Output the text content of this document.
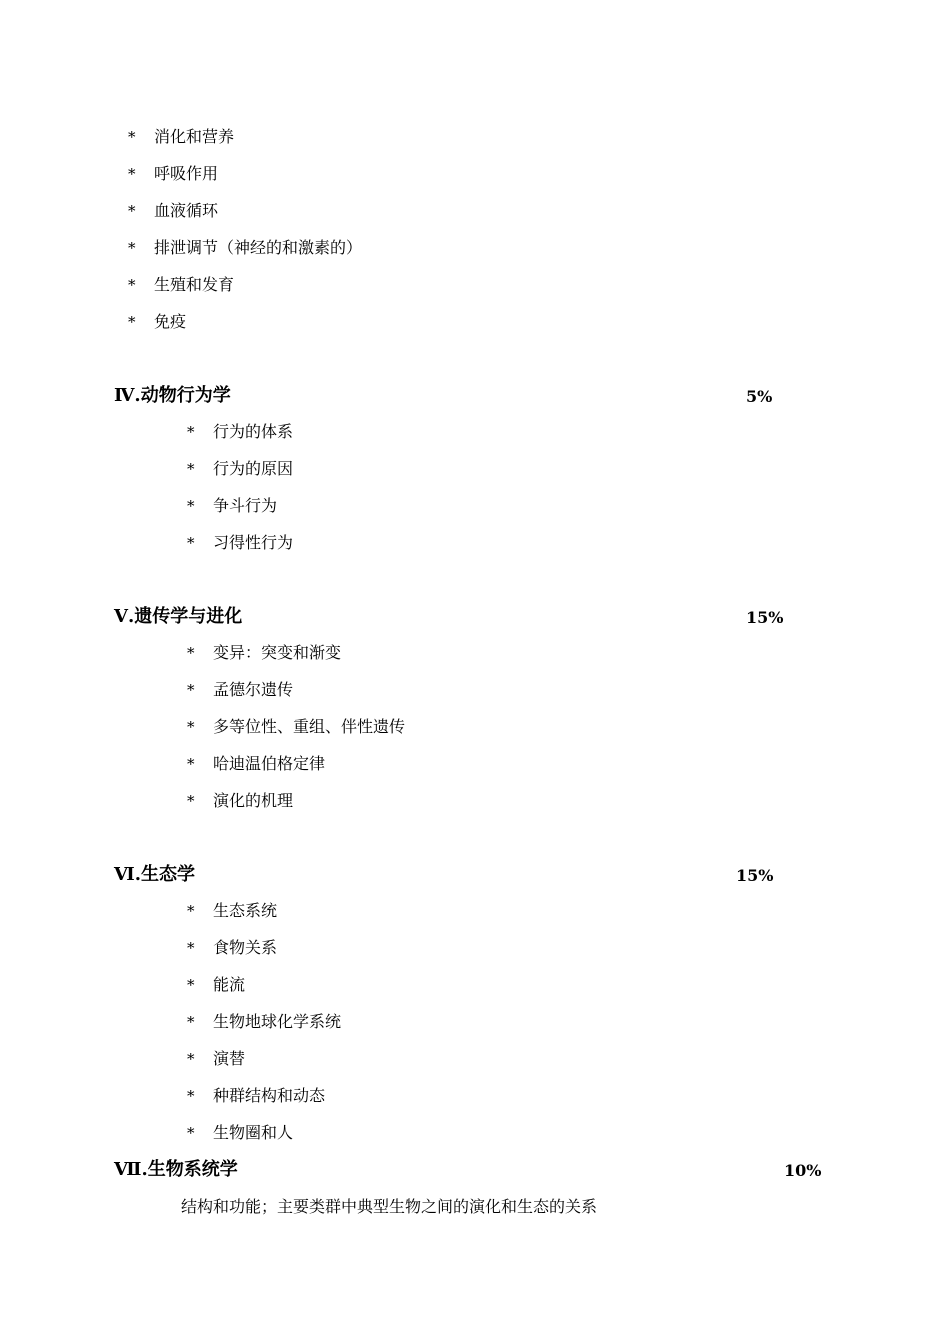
* 消化和营养
* 呼吸作用
* 血液循环
* 排泄调节（神经的和激素的）
* 生殖和发育
* 免疫
Ⅳ.动物行为学	5%
* 行为的体系
* 行为的原因
* 争斗行为
* 习得性行为
Ⅴ.遗传学与进化	15%
* 变异：突变和渐变
* 孟德尔遗传
* 多等位性、重组、伴性遗传
* 哈迪温伯格定律
* 演化的机理
Ⅵ.生态学	15%
* 生态系统
* 食物关系
* 能流
* 生物地球化学系统
* 演替
* 种群结构和动态
* 生物圈和人
Ⅶ.生物系统学	10%
结构和功能；主要类群中典型生物之间的演化和生态的关系
